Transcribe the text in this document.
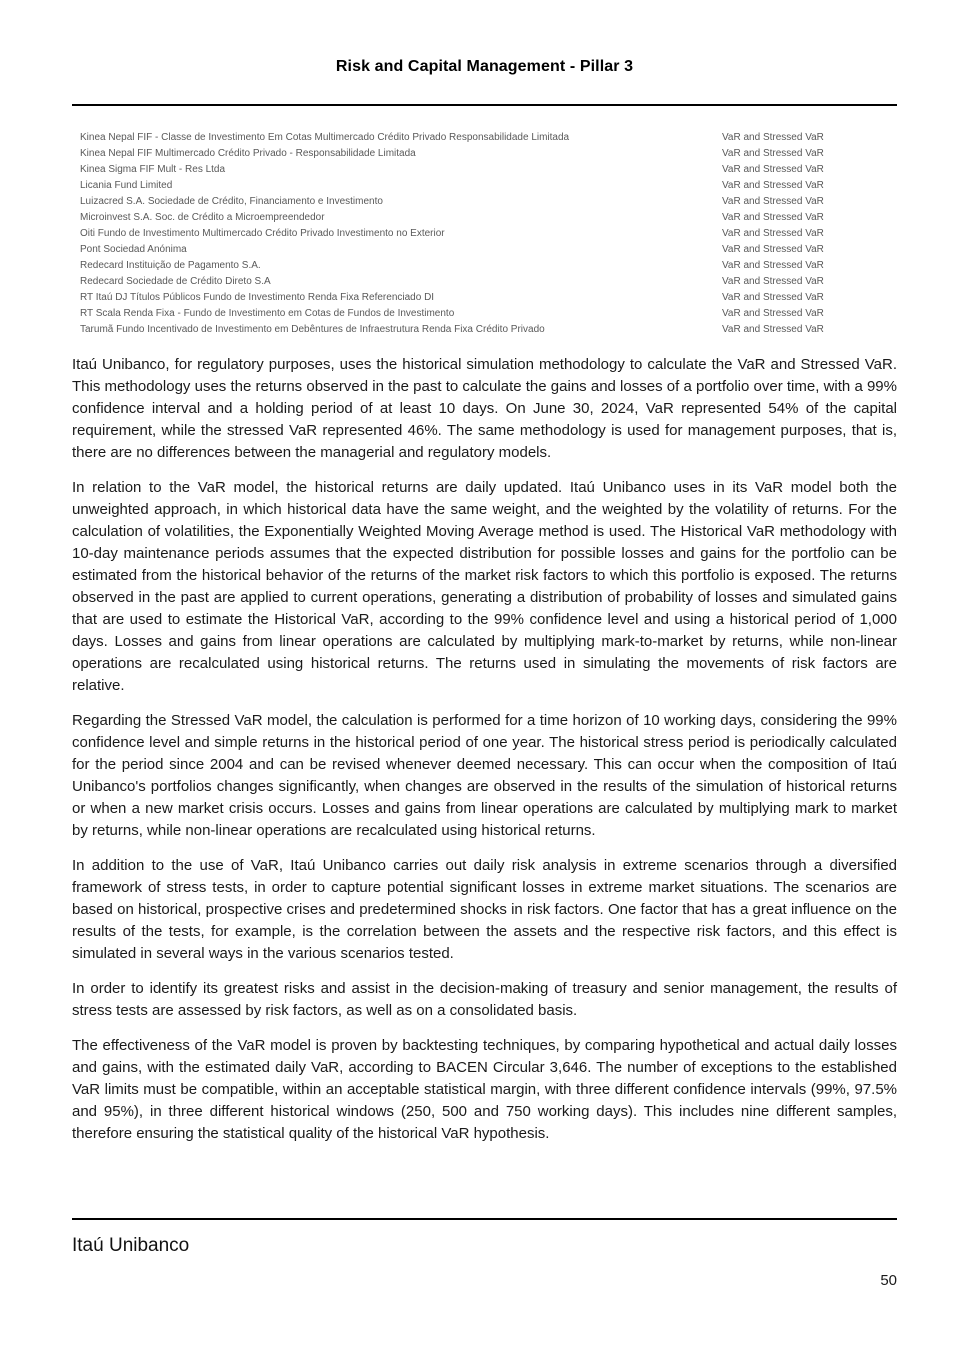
Risk and Capital Management - Pillar 3
Kinea Nepal FIF - Classe de Investimento Em Cotas Multimercado Crédito Privado Responsabilidade Limitada	VaR and Stressed VaR
Kinea Nepal FIF Multimercado Crédito Privado - Responsabilidade Limitada	VaR and Stressed VaR
Kinea Sigma FIF Mult - Res Ltda	VaR and Stressed VaR
Licania Fund Limited	VaR and Stressed VaR
Luizacred S.A. Sociedade de Crédito, Financiamento e Investimento	VaR and Stressed VaR
Microinvest S.A. Soc. de Crédito a Microempreendedor	VaR and Stressed VaR
Oiti Fundo de Investimento Multimercado Crédito Privado Investimento no Exterior	VaR and Stressed VaR
Pont Sociedad Anónima	VaR and Stressed VaR
Redecard Instituição de Pagamento S.A.	VaR and Stressed VaR
Redecard Sociedade de Crédito Direto S.A	VaR and Stressed VaR
RT Itaú DJ Títulos Públicos Fundo de Investimento Renda Fixa Referenciado DI	VaR and Stressed VaR
RT Scala Renda Fixa - Fundo de Investimento em Cotas de Fundos de Investimento	VaR and Stressed VaR
Tarumã Fundo Incentivado de Investimento em Debêntures de Infraestrutura Renda Fixa Crédito Privado	VaR and Stressed VaR

Itaú Unibanco, for regulatory purposes, uses the historical simulation methodology to calculate the VaR and Stressed VaR. This methodology uses the returns observed in the past to calculate the gains and losses of a portfolio over time, with a 99% confidence interval and a holding period of at least 10 days. On June 30, 2024, VaR represented 54% of the capital requirement, while the stressed VaR represented 46%. The same methodology is used for management purposes, that is, there are no differences between the managerial and regulatory models.

In relation to the VaR model, the historical returns are daily updated. Itaú Unibanco uses in its VaR model both the unweighted approach, in which historical data have the same weight, and the weighted by the volatility of returns. For the calculation of volatilities, the Exponentially Weighted Moving Average method is used. The Historical VaR methodology with 10-day maintenance periods assumes that the expected distribution for possible losses and gains for the portfolio can be estimated from the historical behavior of the returns of the market risk factors to which this portfolio is exposed. The returns observed in the past are applied to current operations, generating a distribution of probability of losses and simulated gains that are used to estimate the Historical VaR, according to the 99% confidence level and using a historical period of 1,000 days. Losses and gains from linear operations are calculated by multiplying mark-to-market by returns, while non-linear operations are recalculated using historical returns. The returns used in simulating the movements of risk factors are relative.

Regarding the Stressed VaR model, the calculation is performed for a time horizon of 10 working days, considering the 99% confidence level and simple returns in the historical period of one year. The historical stress period is periodically calculated for the period since 2004 and can be revised whenever deemed necessary. This can occur when the composition of Itaú Unibanco's portfolios changes significantly, when changes are observed in the results of the simulation of historical returns or when a new market crisis occurs. Losses and gains from linear operations are calculated by multiplying mark to market by returns, while non-linear operations are recalculated using historical returns.

In addition to the use of VaR, Itaú Unibanco carries out daily risk analysis in extreme scenarios through a diversified framework of stress tests, in order to capture potential significant losses in extreme market situations. The scenarios are based on historical, prospective crises and predetermined shocks in risk factors. One factor that has a great influence on the results of the tests, for example, is the correlation between the assets and the respective risk factors, and this effect is simulated in several ways in the various scenarios tested.

In order to identify its greatest risks and assist in the decision-making of treasury and senior management, the results of stress tests are assessed by risk factors, as well as on a consolidated basis.

The effectiveness of the VaR model is proven by backtesting techniques, by comparing hypothetical and actual daily losses and gains, with the estimated daily VaR, according to BACEN Circular 3,646. The number of exceptions to the established VaR limits must be compatible, within an acceptable statistical margin, with three different confidence intervals (99%, 97.5% and 95%), in three different historical windows (250, 500 and 750 working days). This includes nine different samples, therefore ensuring the statistical quality of the historical VaR hypothesis.

Itaú Unibanco
50
